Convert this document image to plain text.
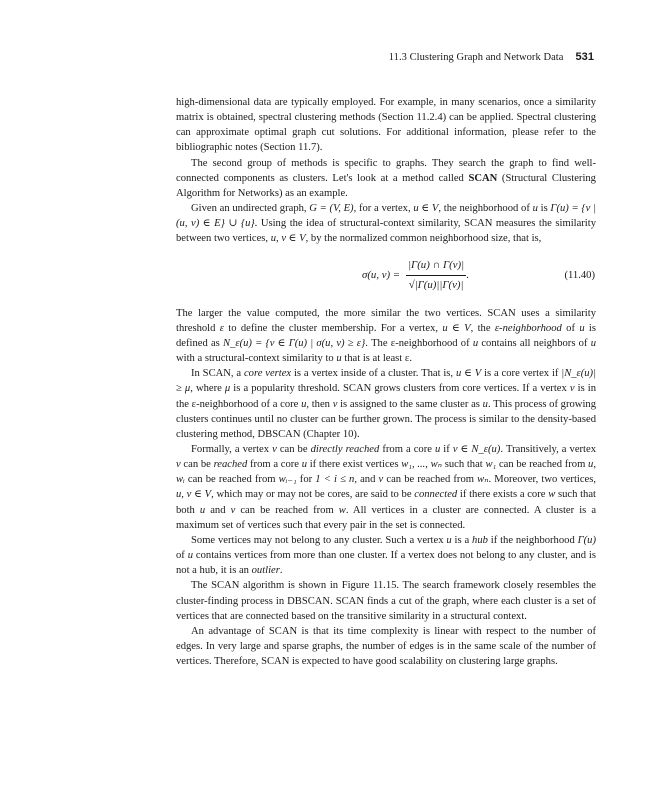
11.3 Clustering Graph and Network Data 531

high-dimensional data are typically employed. For example, in many scenarios, once a similarity matrix is obtained, spectral clustering methods (Section 11.2.4) can be applied. Spectral clustering can approximate optimal graph cut solutions. For additional information, please refer to the bibliographic notes (Section 11.7).

The second group of methods is specific to graphs. They search the graph to find well-connected components as clusters. Let's look at a method called SCAN (Structural Clustering Algorithm for Networks) as an example.

Given an undirected graph, G = (V, E), for a vertex, u ∈ V, the neighborhood of u is Γ(u) = {v | (u, v) ∈ E} ∪ {u}. Using the idea of structural-context similarity, SCAN measures the similarity between two vertices, u, v ∈ V, by the normalized common neighborhood size, that is,

σ(u, $v) = \frac{|\Gamma(u) \cap \Gamma(v)|}{√|\Gamma(u)||\Gamma(v)|}$ .	(11.40)

The larger the value computed, the more similar the two vertices. SCAN uses a similarity threshold ε to define the cluster membership. For a vertex, u ∈ V, the ε-neighborhood of u is defined as N_ε(u) = {v ∈ Γ(u) | σ(u, v) ≥ ε}. The ε-neighborhood of u contains all neighbors of u with a structural-context similarity to u that is at least ε.

In SCAN, a core vertex is a vertex inside of a cluster. That is, u ∈ V is a core vertex if |N_ε(u)| ≥ μ, where μ is a popularity threshold. SCAN grows clusters from core vertices. If a vertex v is in the ε-neighborhood of a core u, then v is assigned to the same cluster as u. This process of growing clusters continues until no cluster can be further grown. The process is similar to the density-based clustering method, DBSCAN (Chapter 10).

Formally, a vertex v can be directly reached from a core u if v ∈ N_ε(u). Transitively, a vertex v can be reached from a core u if there exist vertices w₁, ..., wₙ such that w₁ can be reached from u, wᵢ can be reached from wᵢ₋₁ for 1 < i ≤ n, and v can be reached from wₙ. Moreover, two vertices, u, v ∈ V, which may or may not be cores, are said to be connected if there exists a core w such that both u and v can be reached from w. All vertices in a cluster are connected. A cluster is a maximum set of vertices such that every pair in the set is connected.

Some vertices may not belong to any cluster. Such a vertex u is a hub if the neighborhood Γ(u) of u contains vertices from more than one cluster. If a vertex does not belong to any cluster, and is not a hub, it is an outlier.

The SCAN algorithm is shown in Figure 11.15. The search framework closely resembles the cluster-finding process in DBSCAN. SCAN finds a cut of the graph, where each cluster is a set of vertices that are connected based on the transitive similarity in a structural context.

An advantage of SCAN is that its time complexity is linear with respect to the number of edges. In very large and sparse graphs, the number of edges is in the same scale of the number of vertices. Therefore, SCAN is expected to have good scalability on clustering large graphs.
